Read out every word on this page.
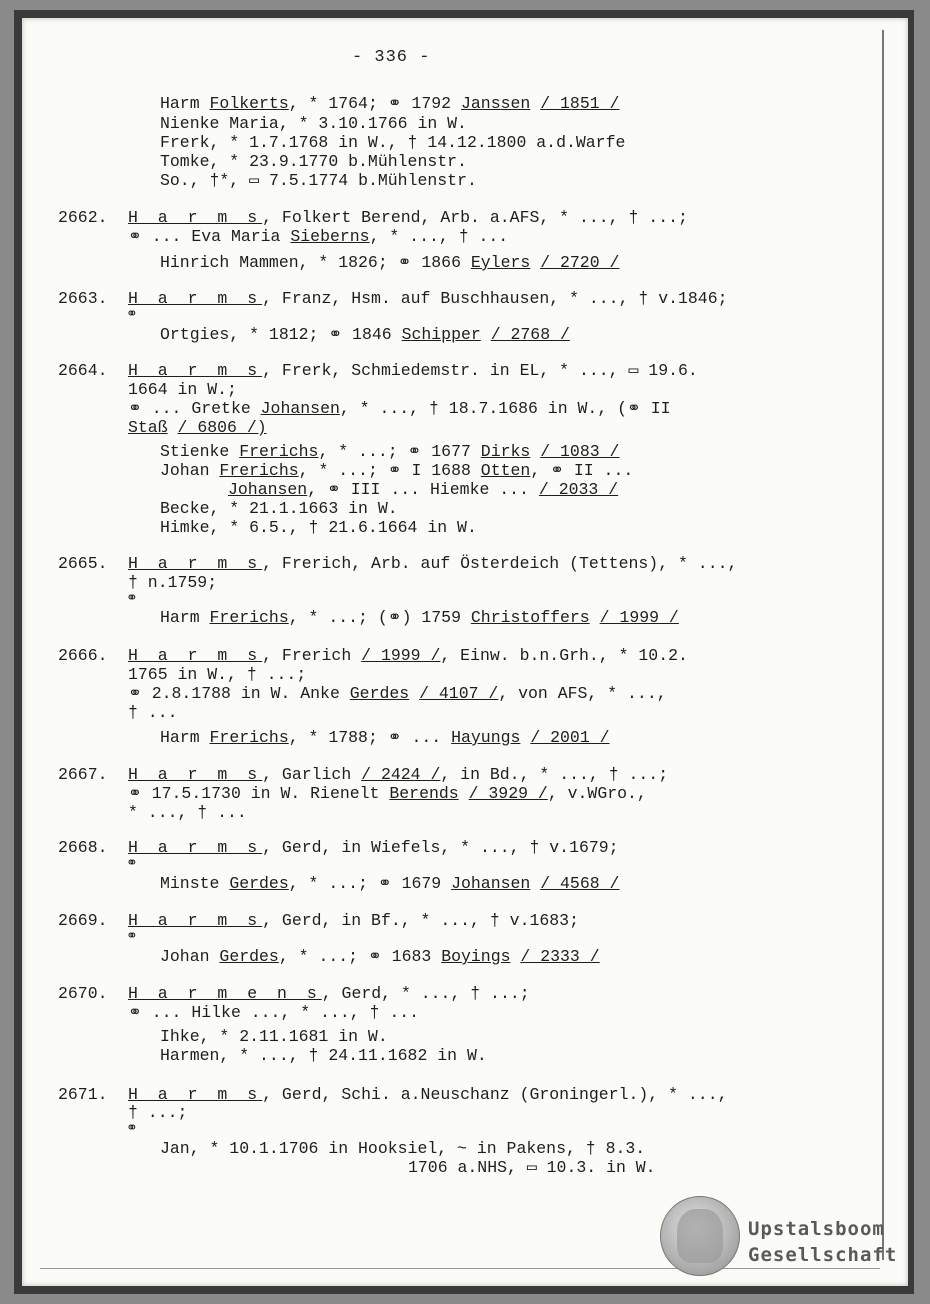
- 336 -
Harm Folkerts, * 1764; ⚭ 1792 Janssen / 1851 /
Nienke Maria, * 3.10.1766 in W.
Frerk, * 1.7.1768 in W., † 14.12.1800 a.d.Warfe
Tomke, * 23.9.1770 b.Mühlenstr.
So., †*, ▭ 7.5.1774 b.Mühlenstr.
2662. H a r m s, Folkert Berend, Arb. a.AFS, * ..., † ...;
⚭ ... Eva Maria Sieberns, * ..., † ...
Hinrich Mammen, * 1826; ⚭ 1866 Eylers / 2720 /
2663. H a r m s, Franz, Hsm. auf Buschhausen, * ..., † v.1846;
⚭
Ortgies, * 1812; ⚭ 1846 Schipper / 2768 /
2664. H a r m s, Frerk, Schmiedemstr. in EL, * ..., ▭ 19.6.
1664 in W.;
⚭ ... Gretke Johansen, * ..., † 18.7.1686 in W., (⚭ II
Staß / 6806 /)
Stienke Frerichs, * ...; ⚭ 1677 Dirks / 1083 /
Johan Frerichs, * ...; ⚭ I 1688 Otten, ⚭ II ...
Johansen, ⚭ III ... Hiemke ... / 2033 /
Becke, * 21.1.1663 in W.
Himke, * 6.5., † 21.6.1664 in W.
2665. H a r m s, Frerich, Arb. auf Österdeich (Tettens), * ...,
† n.1759;
⚭
Harm Frerichs, * ...; (⚭) 1759 Christoffers / 1999 /
2666. H a r m s, Frerich / 1999 /, Einw. b.n.Grh., * 10.2.
1765 in W., † ...;
⚭ 2.8.1788 in W. Anke Gerdes / 4107 /, von AFS, * ...,
† ...
Harm Frerichs, * 1788; ⚭ ... Hayungs / 2001 /
2667. H a r m s, Garlich / 2424 /, in Bd., * ..., † ...;
⚭ 17.5.1730 in W. Rienelt Berends / 3929 /, v.WGro.,
* ..., † ...
2668. H a r m s, Gerd, in Wiefels, * ..., † v.1679;
⚭
Minste Gerdes, * ...; ⚭ 1679 Johansen / 4568 /
2669. H a r m s, Gerd, in Bf., * ..., † v.1683;
⚭
Johan Gerdes, * ...; ⚭ 1683 Boyings / 2333 /
2670. H a r m e n s, Gerd, * ..., † ...;
⚭ ... Hilke ..., * ..., † ...
Ihke, * 2.11.1681 in W.
Harmen, * ..., † 24.11.1682 in W.
2671. H a r m s, Gerd, Schi. a.Neuschanz (Groningerl.), * ...,
† ...;
⚭
Jan, * 10.1.1706 in Hooksiel, ~ in Pakens, † 8.3.
1706 a.NHS, ▭ 10.3. in W.
Upstalsboom
Gesellschaft
